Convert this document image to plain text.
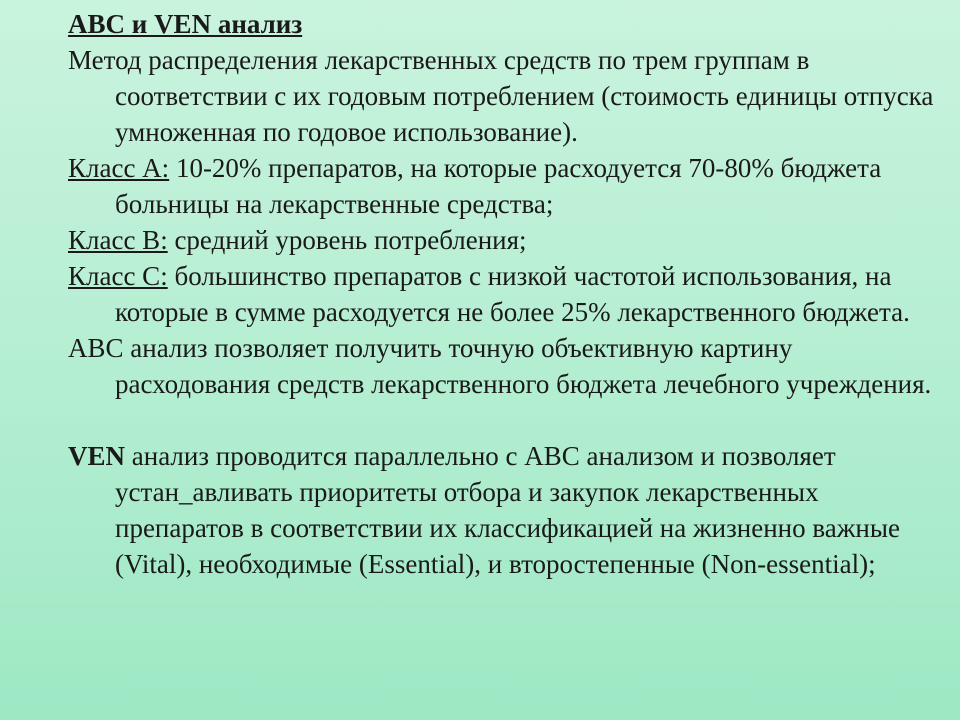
ABC и VEN анализ

Метод распределения лекарственных средств по трем группам в соответствии с их годовым потреблением (стоимость единицы отпуска умноженная по годовое использование).

Класс А: 10-20% препаратов, на которые расходуется 70-80% бюджета больницы на лекарственные средства;

Класс В: средний уровень потребления;

Класс С: большинство препаратов с низкой частотой использования, на которые в сумме расходуется не более 25% лекарственного бюджета.

АВС анализ позволяет получить точную объективную картину расходования средств лекарственного бюджета лечебного учреждения.

VEN анализ проводится параллельно с АВС анализом и позволяет устан_авливать приоритеты отбора и закупок лекарственных препаратов в соответствии их классификацией на жизненно важные (Vital), необходимые (Essential), и второстепенные (Non-essential);
